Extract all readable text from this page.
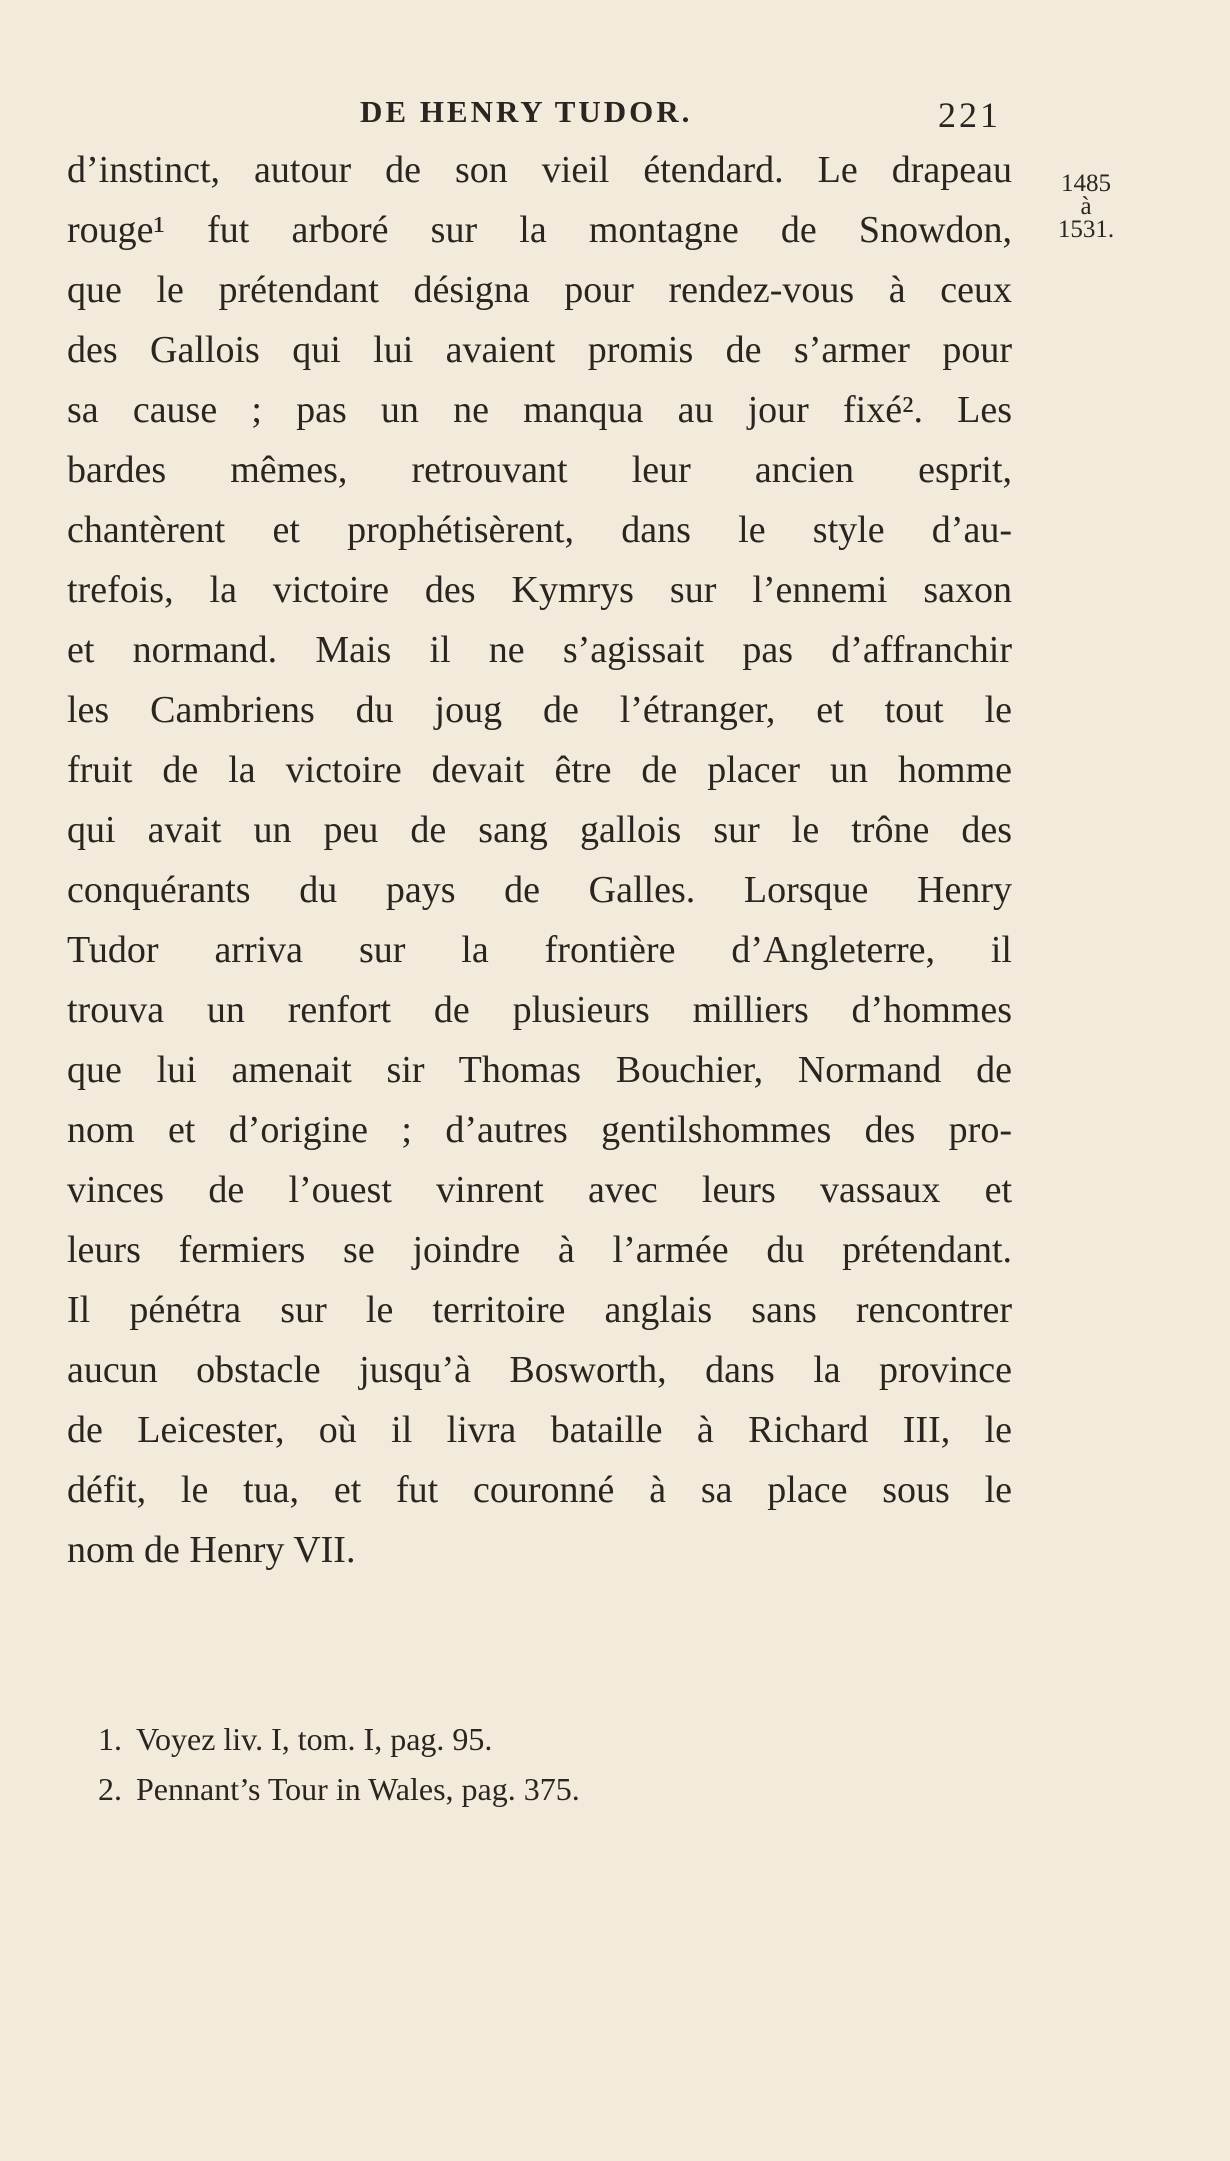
DE HENRY TUDOR.	221
1485
à
1531.
d’instinct, autour de son vieil étendard. Le drapeau
rouge¹ fut arboré sur la montagne de Snowdon,
que le prétendant désigna pour rendez-vous à ceux
des Gallois qui lui avaient promis de s’armer pour
sa cause ; pas un ne manqua au jour fixé². Les
bardes mêmes, retrouvant leur ancien esprit,
chantèrent et prophétisèrent, dans le style d’au-
trefois, la victoire des Kymrys sur l’ennemi saxon
et normand. Mais il ne s’agissait pas d’affranchir
les Cambriens du joug de l’étranger, et tout le
fruit de la victoire devait être de placer un homme
qui avait un peu de sang gallois sur le trône des
conquérants du pays de Galles. Lorsque Henry
Tudor arriva sur la frontière d’Angleterre, il
trouva un renfort de plusieurs milliers d’hommes
que lui amenait sir Thomas Bouchier, Normand de
nom et d’origine ; d’autres gentilshommes des pro-
vinces de l’ouest vinrent avec leurs vassaux et
leurs fermiers se joindre à l’armée du prétendant.
Il pénétra sur le territoire anglais sans rencontrer
aucun obstacle jusqu’à Bosworth, dans la province
de Leicester, où il livra bataille à Richard III, le
défit, le tua, et fut couronné à sa place sous le
nom de Henry VII.
1. Voyez liv. I, tom. I, pag. 95.
2. Pennant’s Tour in Wales, pag. 375.
